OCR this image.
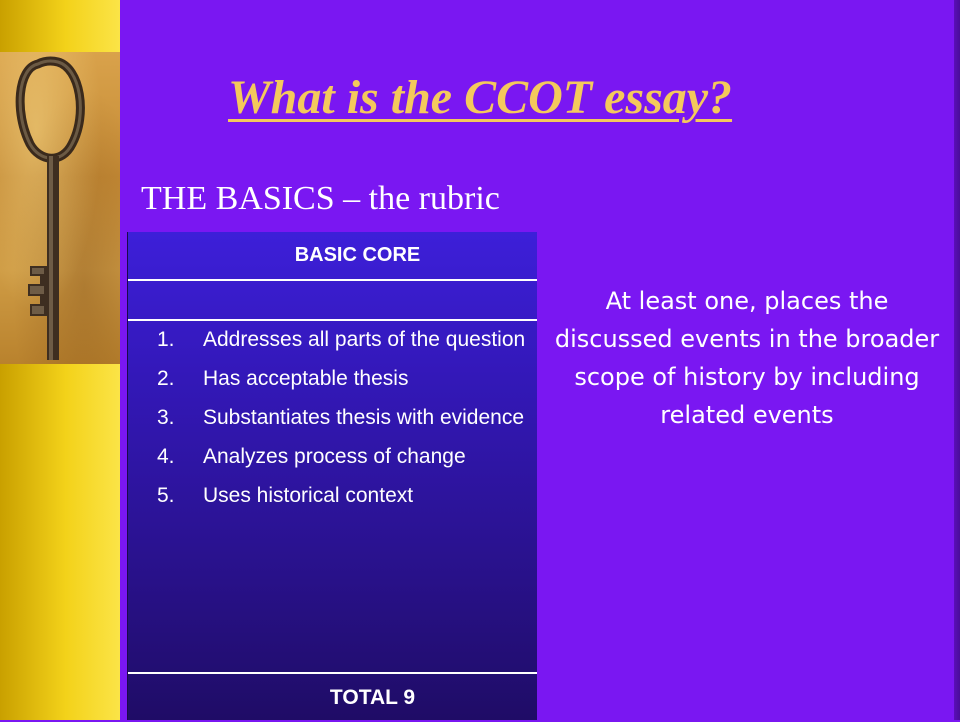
What is the CCOT essay?
THE BASICS – the rubric
BASIC CORE
1. Addresses all parts of the question
2. Has acceptable thesis
3. Substantiates thesis with evidence
4. Analyzes process of change
5. Uses historical context
TOTAL 9
At least one, places the discussed events in the broader scope of history by including related events
